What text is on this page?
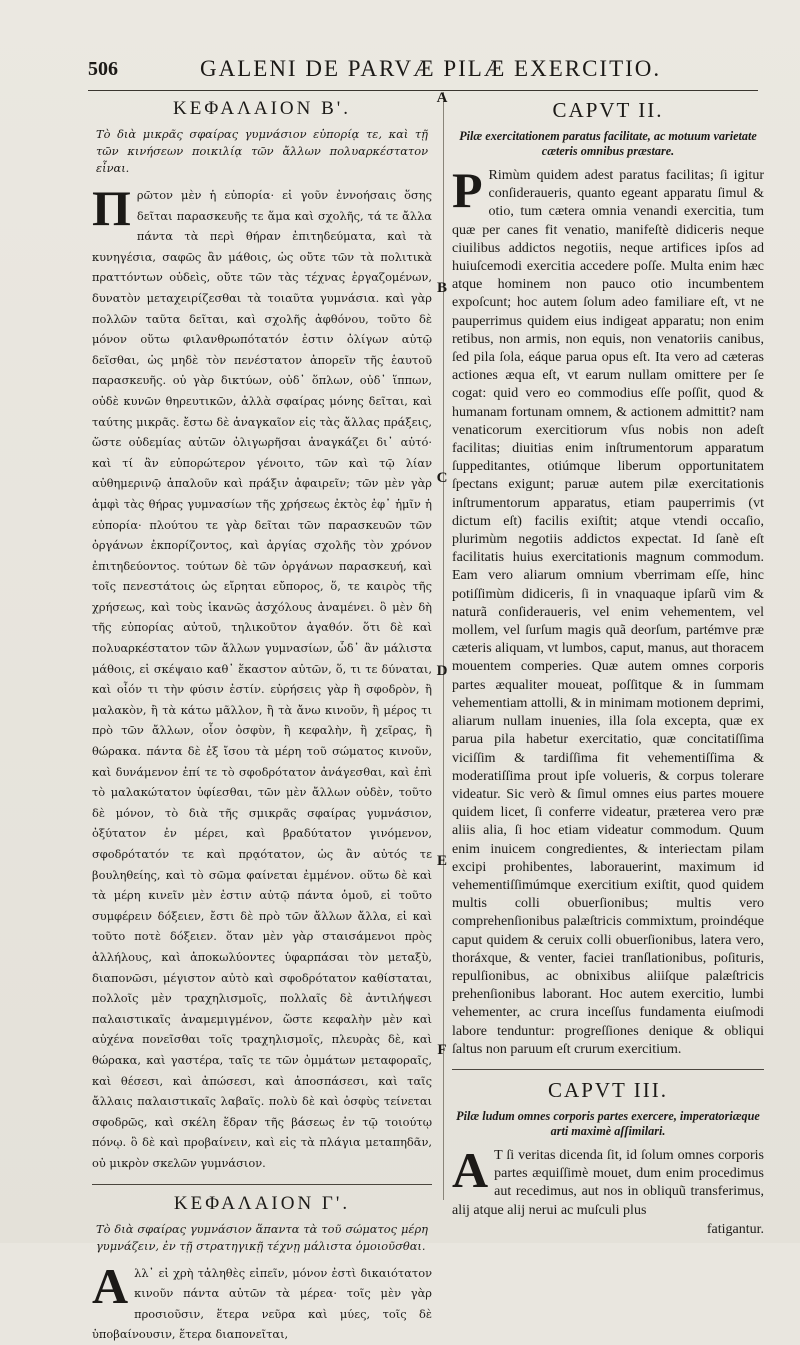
506	GALENI DE PARVÆ PILÆ EXERCITIO.
A
B
C
D
E
F
ΚΕΦΑΛΑΙΟΝ Β'.
Τὸ διὰ μικρᾶς σφαίρας γυμνάσιον εὐπορίᾳ τε, καὶ τῇ τῶν κινήσεων ποικιλίᾳ τῶν ἄλλων πολυαρκέστατον εἶναι.

Πρῶτον μὲν ἡ εὐπορία· εἰ γοῦν ἐννοήσαις ὅσης δεῖται παρασκευῆς τε ἅμα καὶ σχολῆς, τά τε ἄλλα πάντα τὰ περὶ θήραν ἐπιτηδεύματα, καὶ τὰ κυνηγέσια, σαφῶς ἂν μάθοις, ὡς οὔτε τῶν τὰ πολιτικὰ πραττόντων οὐδεὶς, οὔτε τῶν τὰς τέχνας ἐργαζομένων, δυνατὸν μεταχειρίζεσθαι τὰ τοιαῦτα γυμνάσια. καὶ γὰρ πολλῶν ταῦτα δεῖται, καὶ σχολῆς ἀφθόνου, τοῦτο δὲ μόνον οὕτω φιλανθρωπότατόν ἐστιν ὀλίγων αὐτῷ δεῖσθαι, ὡς μηδὲ τὸν πενέστατον ἀπορεῖν τῆς ἑαυτοῦ παρασκευῆς. οὐ γὰρ δικτύων, οὐδ᾽ ὅπλων, οὐδ᾽ ἵππων, οὐδὲ κυνῶν θηρευτικῶν, ἀλλὰ σφαίρας μόνης δεῖται, καὶ ταύτης μικρᾶς. ἔστω δὲ ἀναγκαῖον εἰς τὰς ἄλλας πράξεις, ὥστε οὐδεμίας αὐτῶν ὀλιγωρῆσαι ἀναγκάζει δι᾽ αὐτό· καὶ τί ἂν εὐπορώτερον γένοιτο, τῶν καὶ τῷ λίαν αὐθημερινῷ ἀπαλοῦν καὶ πράξιν ἀφαιρεῖν; τῶν μὲν γὰρ ἀμφὶ τὰς θήρας γυμνασίων τῆς χρήσεως ἐκτὸς ἐφ᾽ ἡμῖν ἡ εὐπορία· πλούτου τε γὰρ δεῖται τῶν παρασκευῶν τῶν ὀργάνων ἐκπορίζοντος, καὶ ἀργίας σχολῆς τὸν χρόνον ἐπιτηδεύοντος. τούτων δὲ τῶν ὀργάνων παρασκευή, καὶ τοῖς πενεστάτοις ὡς εἴρηται εὔπορος, ὅ, τε καιρὸς τῆς χρήσεως, καὶ τοὺς ἱκανῶς ἀσχόλους ἀναμένει. ὃ μὲν δὴ τῆς εὐπορίας αὐτοῦ, τηλικοῦτον ἀγαθόν. ὅτι δὲ καὶ πολυαρκέστατον τῶν ἄλλων γυμνασίων, ὧδ᾽ ἂν μάλιστα μάθοις, εἰ σκέψαιο καθ᾽ ἕκαστον αὐτῶν, ὅ, τι τε δύναται, καὶ οἷόν τι τὴν φύσιν ἐστίν. εὑρήσεις γὰρ ἢ σφοδρὸν, ἢ μαλακὸν, ἢ τὰ κάτω μᾶλλον, ἢ τὰ ἄνω κινοῦν, ἢ μέρος τι πρὸ τῶν ἄλλων, οἷον ὀσφὺν, ἢ κεφαλὴν, ἢ χεῖρας, ἢ θώρακα. πάντα δὲ ἐξ ἴσου τὰ μέρη τοῦ σώματος κινοῦν, καὶ δυνάμενον ἐπί τε τὸ σφοδρότατον ἀνάγεσθαι, καὶ ἐπὶ τὸ μαλακώτατον ὑφίεσθαι, τῶν μὲν ἄλλων οὐδὲν, τοῦτο δὲ μόνον, τὸ διὰ τῆς σμικρᾶς σφαίρας γυμνάσιον, ὀξύτατον ἐν μέρει, καὶ βραδύτατον γινόμενον, σφοδρότατόν τε καὶ πρᾳότατον, ὡς ἂν αὐτός τε βουληθείης, καὶ τὸ σῶμα φαίνεται ἐμμένον. οὕτω δὲ καὶ τὰ μέρη κινεῖν μὲν ἐστιν αὐτῷ πάντα ὁμοῦ, εἰ τοῦτο συμφέρειν δόξειεν, ἔστι δὲ πρὸ τῶν ἄλλων ἄλλα, εἰ καὶ τοῦτο ποτὲ δόξειεν. ὅταν μὲν γὰρ σταισάμενοι πρὸς ἀλλήλους, καὶ ἀποκωλύοντες ὑφαρπάσαι τὸν μεταξὺ, διαπονῶσι, μέγιστον αὐτὸ καὶ σφοδρότατον καθίσταται, πολλοῖς μὲν τραχηλισμοῖς, πολλαῖς δὲ ἀντιλήψεσι παλαιστικαῖς ἀναμεμιγμένον, ὥστε κεφαλὴν μὲν καὶ αὐχένα πονεῖσθαι τοῖς τραχηλισμοῖς, πλευρὰς δὲ, καὶ θώρακα, καὶ γαστέρα, ταῖς τε τῶν ὀμμάτων μεταφοραῖς, καὶ θέσεσι, καὶ ἀπώσεσι, καὶ ἀποσπάσεσι, καὶ ταῖς ἄλλαις παλαιστικαῖς λαβαῖς. πολὺ δὲ καὶ ὀσφὺς τείνεται σφοδρῶς, καὶ σκέλη ἕδραν τῆς βάσεως ἐν τῷ τοιούτῳ πόνῳ. ὃ δὲ καὶ προβαίνειν, καὶ εἰς τὰ πλάγια μεταπηδᾶν, οὐ μικρὸν σκελῶν γυμνάσιον.

ΚΕΦΑΛΑΙΟΝ Γ'.
Τὸ διὰ σφαίρας γυμνάσιον ἅπαντα τὰ τοῦ σώματος μέρη γυμνάζειν, ἐν τῇ στρατηγικῇ τέχνῃ μάλιστα ὁμοιοῦσθαι.

Αλλ᾽ εἰ χρὴ τἀληθὲς εἰπεῖν, μόνον ἐστὶ δικαιότατον κινοῦν πάντα αὐτῶν τὰ μέρεα· τοῖς μὲν γὰρ προσιοῦσιν, ἕτερα νεῦρα καὶ μύες, τοῖς δὲ ὑποβαίνουσιν, ἕτερα διαπονεῖται,

CAPVT II.
Pilæ exercitationem paratus facilitate, ac motuum varietate cæteris omnibus præstare.

P Rimùm quidem adest paratus facilitas; ſi igitur conſideraueris, quanto egeant apparatu ſimul & otio, tum cætera omnia venandi exercitia, tum quæ per canes fit venatio, manifeſtè didiceris neque ciuilibus addictos negotiis, neque artifices ipſos ad huiuſcemodi exercitia accedere poſſe. Multa enim hæc atque hominem non pauco otio incumbentem expoſcunt; hoc autem ſolum adeo familiare eſt, vt ne pauperrimus quidem eius indigeat apparatu; non enim retibus, non armis, non equis, non venatoriis canibus, ſed pila ſola, eáque parua opus eſt. Ita vero ad cæteras actiones æqua eſt, vt earum nullam omittere per ſe cogat: quid vero eo commodius eſſe poſſit, quod & humanam fortunam omnem, & actionem admittit? nam venaticorum exercitiorum vſus nobis non adeſt facilitas; diuitias enim inſtrumentorum apparatum ſuppeditantes, otiúmque liberum opportunitatem ſpectans exigunt; paruæ autem pilæ exercitationis inſtrumentorum apparatus, etiam pauperrimis (vt dictum eſt) facilis exiſtit; atque vtendi occaſio, plurimùm negotiis addictos expectat. Id ſanè eſt facilitatis huius exercitationis magnum commodum. Eam vero aliarum omnium vberrimam eſſe, hinc potiſſimùm didiceris, ſi in vnaquaque ipſarũ vim & naturã conſideraueris, vel enim vehementem, vel mollem, vel ſurſum magis quã deorſum, partémve præ cæteris aliquam, vt lumbos, caput, manus, aut thoracem mouentem comperies. Quæ autem omnes corporis partes æqualiter moueat, poſſitque & in ſummam vehementiam attolli, & in minimam motionem deprimi, aliarum nullam inuenies, illa ſola excepta, quæ ex parua pila habetur exercitatio, quæ concitatiſſima viciſſim & tardiſſima fit vehementiſſima & moderatiſſima prout ipſe volueris, & corpus tolerare videatur. Sic verò & ſimul omnes eius partes mouere quidem licet, ſi conferre videatur, præterea vero præ aliis alia, ſi hoc etiam videatur commodum. Quum enim inuicem congredientes, & interiectam pilam excipi prohibentes, laborauerint, maximum id vehementiſſimúmque exercitium exiſtit, quod quidem multis colli obuerſionibus; multis vero comprehenſionibus palæſtricis commixtum, proindéque caput quidem & ceruix colli obuerſionibus, latera vero, thoráxque, & venter, faciei tranſlationibus, poſituris, repulſionibus, ac obnixibus aliiſque palæſtricis prehenſionibus laborant. Hoc autem exercitio, lumbi vehementer, ac crura inceſſus fundamenta eiuſmodi labore tenduntur: progreſſiones denique & obliqui ſaltus non paruum eſt crurum exercitium.

CAPVT III.
Pilæ ludum omnes corporis partes exercere, imperatoriæque arti maximè aſſimilari.

A T ſi veritas dicenda ſit, id ſolum omnes corporis partes æquiſſimè mouet, dum enim procedimus aut recedimus, aut nos in obliquũ transferimus, alij atque alij nerui ac muſculi plus

fatigantur.
